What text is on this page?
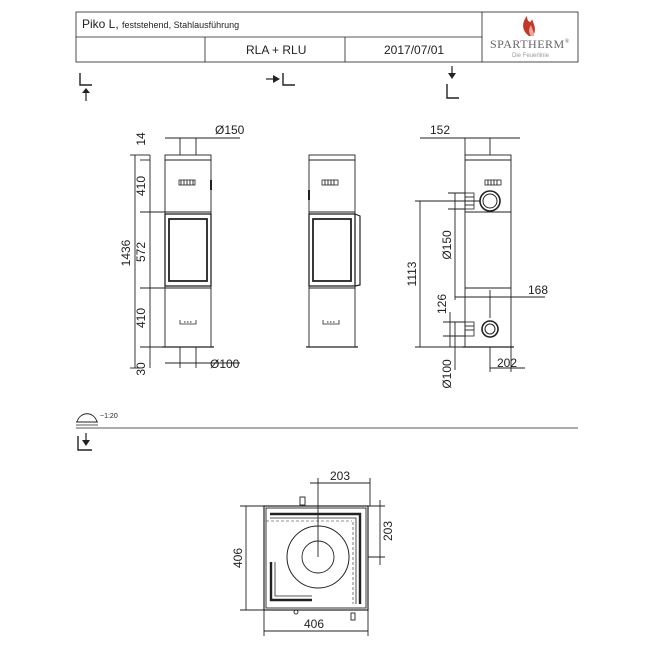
Piko L, feststehend, Stahlausführung
RLA + RLU	2017/07/01	SPARTHERM®
Die Feuerlinie
14
410
572
410
30
1436
Ø150
Ø100
152
1113
Ø150
168
126
Ø100	202
~1:20
203
203
406
406
